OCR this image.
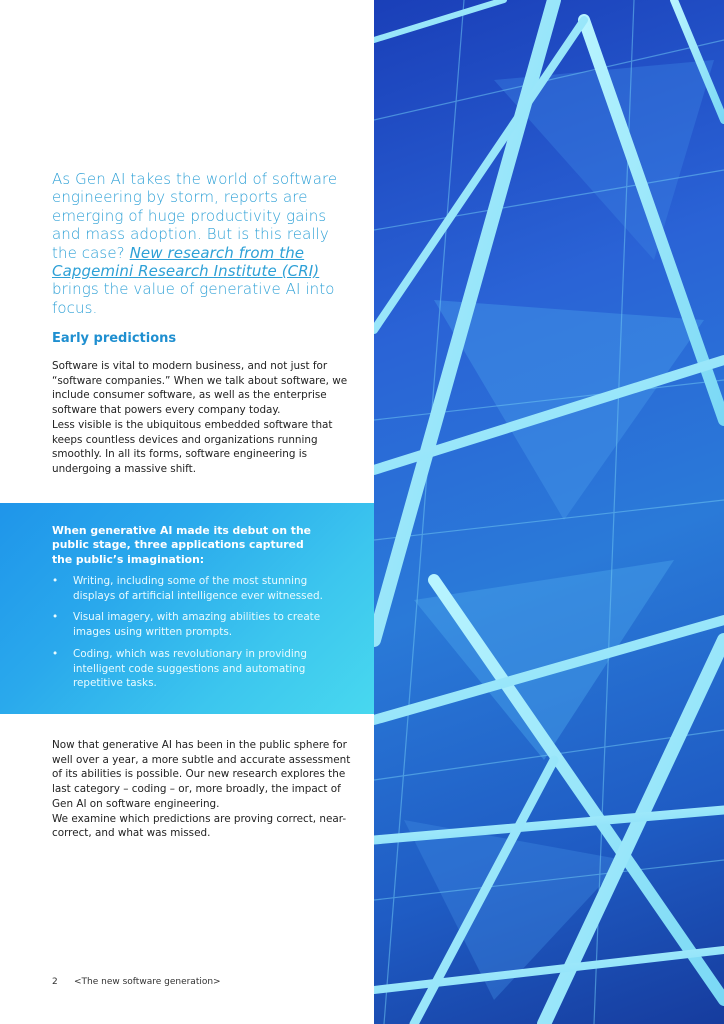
As Gen AI takes the world of software engineering by storm, reports are emerging of huge productivity gains and mass adoption. But is this really the case? New research from the Capgemini Research Institute (CRI) brings the value of generative AI into focus.
Early predictions

Software is vital to modern business, and not just for “software companies.” When we talk about software, we include consumer software, as well as the enterprise software that powers every company today.

Less visible is the ubiquitous embedded software that keeps countless devices and organizations running smoothly. In all its forms, software engineering is undergoing a massive shift.

When generative AI made its debut on the public stage, three applications captured the public’s imagination:
• Writing, including some of the most stunning displays of artificial intelligence ever witnessed.
• Visual imagery, with amazing abilities to create images using written prompts.
• Coding, which was revolutionary in providing intelligent code suggestions and automating repetitive tasks.

Now that generative AI has been in the public sphere for well over a year, a more subtle and accurate assessment of its abilities is possible. Our new research explores the last category – coding – or, more broadly, the impact of Gen AI on software engineering.

We examine which predictions are proving correct, near-correct, and what was missed.

2 <The new software generation>
